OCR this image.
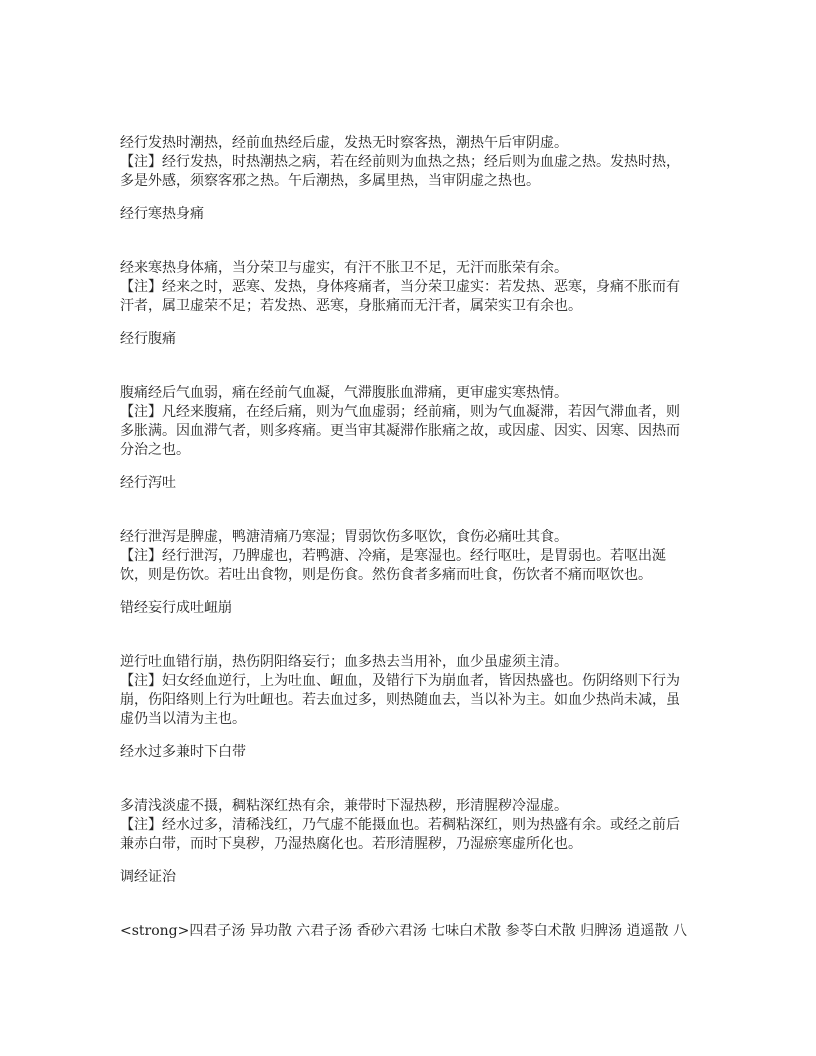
经行发热时潮热，经前血热经后虚，发热无时察客热，潮热午后审阴虚。

【注】经行发热，时热潮热之病，若在经前则为血热之热；经后则为血虚之热。发热时热，多是外感，须察客邪之热。午后潮热，多属里热，当审阴虚之热也。

经行寒热身痛

经来寒热身体痛，当分荣卫与虚实，有汗不胀卫不足，无汗而胀荣有余。

【注】经来之时，恶寒、发热，身体疼痛者，当分荣卫虚实：若发热、恶寒，身痛不胀而有汗者，属卫虚荣不足；若发热、恶寒，身胀痛而无汗者，属荣实卫有余也。

经行腹痛

腹痛经后气血弱，痛在经前气血凝，气滞腹胀血滞痛，更审虚实寒热情。

【注】凡经来腹痛，在经后痛，则为气血虚弱；经前痛，则为气血凝滞，若因气滞血者，则多胀满。因血滞气者，则多疼痛。更当审其凝滞作胀痛之故，或因虚、因实、因寒、因热而分治之也。

经行泻吐

经行泄泻是脾虚，鸭溏清痛乃寒湿；胃弱饮伤多呕饮，食伤必痛吐其食。

【注】经行泄泻，乃脾虚也，若鸭溏、冷痛，是寒湿也。经行呕吐，是胃弱也。若呕出涎饮，则是伤饮。若吐出食物，则是伤食。然伤食者多痛而吐食，伤饮者不痛而呕饮也。

错经妄行成吐衄崩

逆行吐血错行崩，热伤阴阳络妄行；血多热去当用补，血少虽虚须主清。

【注】妇女经血逆行，上为吐血、衄血，及错行下为崩血者，皆因热盛也。伤阴络则下行为崩，伤阳络则上行为吐衄也。若去血过多，则热随血去，当以补为主。如血少热尚未减，虽虚仍当以清为主也。

经水过多兼时下白带

多清浅淡虚不摄，稠粘深红热有余，兼带时下湿热秽，形清腥秽冷湿虚。

【注】经水过多，清稀浅红，乃气虚不能摄血也。若稠粘深红，则为热盛有余。或经之前后兼赤白带，而时下臭秽，乃湿热腐化也。若形清腥秽，乃湿瘀寒虚所化也。

调经证治

<strong>四君子汤 异功散 六君子汤 香砂六君汤 七味白术散 参苓白术散 归脾汤 逍遥散 八
